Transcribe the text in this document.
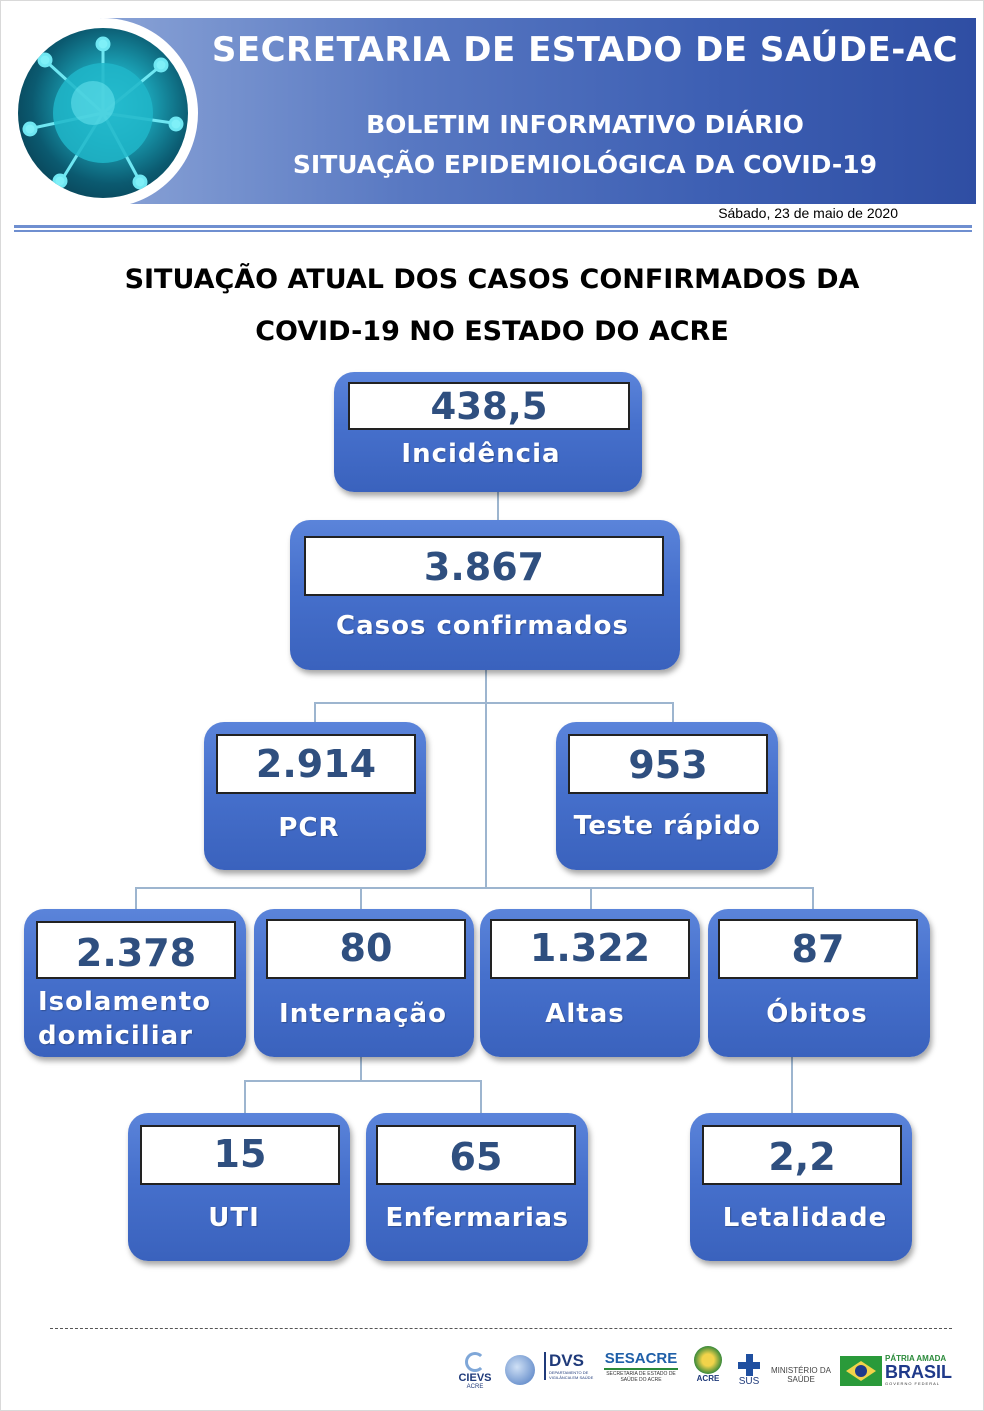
SECRETARIA DE ESTADO DE SAÚDE-AC
BOLETIM INFORMATIVO DIÁRIO
SITUAÇÃO EPIDEMIOLÓGICA DA COVID-19
Sábado, 23 de maio de 2020
SITUAÇÃO ATUAL DOS CASOS CONFIRMADOS DA
COVID-19 NO ESTADO DO ACRE
438,5
Incidência
3.867
Casos confirmados
2.914
PCR
953
Teste rápido
2.378
Isolamento
domiciliar
80
Internação
1.322
Altas
87
Óbitos
15
UTI
65
Enfermarias
2,2
Letalidade
CIEVS
ACRE
DVS
DEPARTAMENTO DE VIGILÂNCIA EM SAÚDE
SESACRE
SECRETARIA DE ESTADO DE SAÚDE DO ACRE	ACRE	SUS
MINISTÉRIO DA
SAÚDE
PÁTRIA AMADA
BRASIL
GOVERNO FEDERAL
